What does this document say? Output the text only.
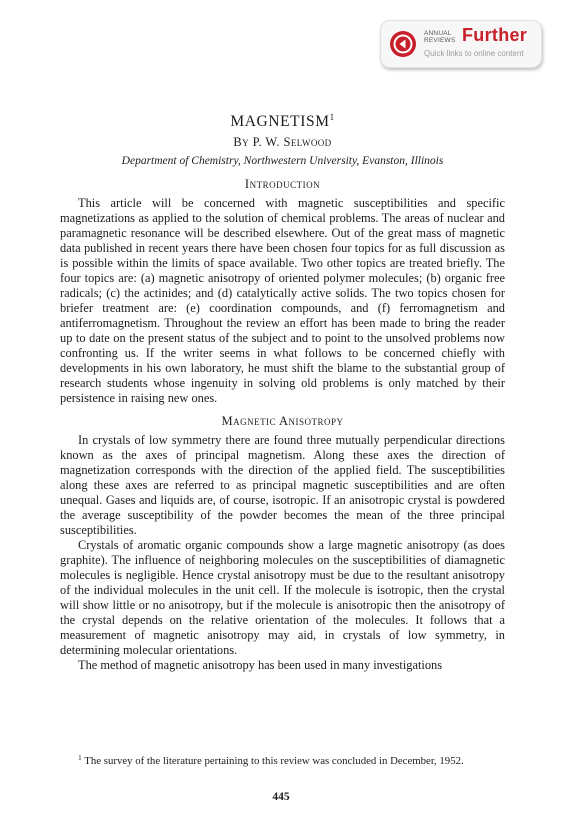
ANNUAL
REVIEWS Further
Quick links to online content
MAGNETISM$^1$
By P. W. Selwood
Department of Chemistry, Northwestern University, Evanston, Illinois
Introduction

This article will be concerned with magnetic susceptibilities and specific magnetizations as applied to the solution of chemical problems. The areas of nuclear and paramagnetic resonance will be described elsewhere. Out of the great mass of magnetic data published in recent years there have been chosen four topics for as full discussion as is possible within the limits of space available. Two other topics are treated briefly. The four topics are: (a) magnetic anisotropy of oriented polymer molecules; (b) organic free radicals; (c) the actinides; and (d) catalytically active solids. The two topics chosen for briefer treatment are: (e) coordination compounds, and (f) ferromagnetism and antiferromagnetism. Throughout the review an effort has been made to bring the reader up to date on the present status of the subject and to point to the unsolved problems now confronting us. If the writer seems in what follows to be concerned chiefly with developments in his own laboratory, he must shift the blame to the substantial group of research students whose ingenuity in solving old problems is only matched by their persistence in raising new ones.

Magnetic Anisotropy

In crystals of low symmetry there are found three mutually perpendicular directions known as the axes of principal magnetism. Along these axes the direction of magnetization corresponds with the direction of the applied field. The susceptibilities along these axes are referred to as principal magnetic susceptibilities and are often unequal. Gases and liquids are, of course, isotropic. If an anisotropic crystal is powdered the average susceptibility of the powder becomes the mean of the three principal susceptibilities.

Crystals of aromatic organic compounds show a large magnetic anisotropy (as does graphite). The influence of neighboring molecules on the susceptibilities of diamagnetic molecules is negligible. Hence crystal anisotropy must be due to the resultant anisotropy of the individual molecules in the unit cell. If the molecule is isotropic, then the crystal will show little or no anisotropy, but if the molecule is anisotropic then the anisotropy of the crystal depends on the relative orientation of the molecules. It follows that a measurement of magnetic anisotropy may aid, in crystals of low symmetry, in determining molecular orientations.

The method of magnetic anisotropy has been used in many investigations

$^1$ The survey of the literature pertaining to this review was concluded in December, 1952.
445
